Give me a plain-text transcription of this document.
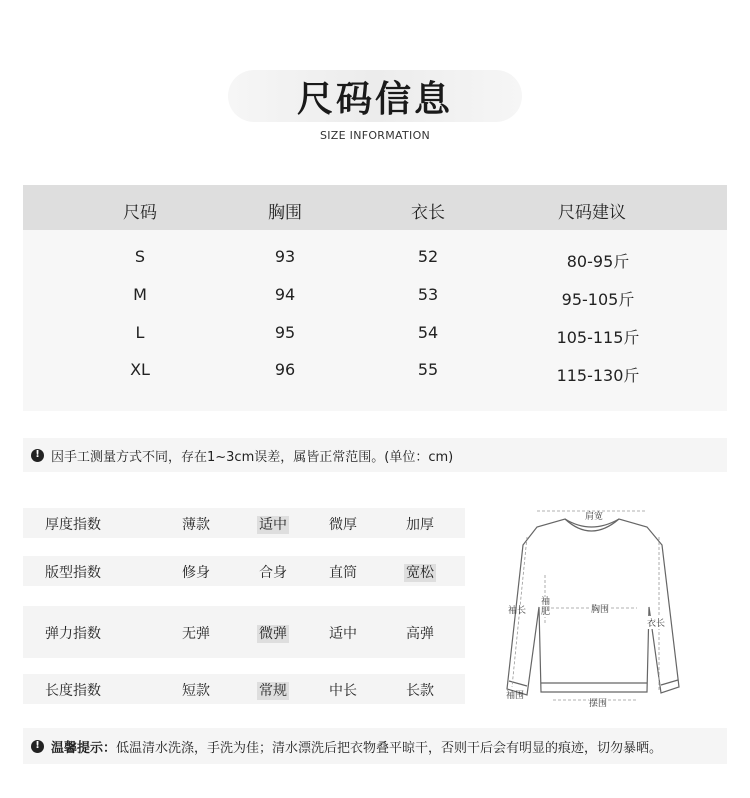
尺码信息
SIZE INFORMATION
尺码	胸围	衣长	尺码建议
S	93	52	80-95斤
M	94	53	95-105斤
L	95	54	105-115斤
XL	96	55	115-130斤
! 因手工测量方式不同，存在1~3cm误差，属皆正常范围。(单位：cm)
厚度指数	薄款	适中	微厚	加厚
版型指数	修身	合身	直筒	宽松
弹力指数	无弹	微弹	适中	高弹
长度指数	短款	常规	中长	长款
肩宽
袖长
袖肥	胸围
衣长
袖围
摆围
! 温馨提示： 低温清水洗涤，手洗为佳；清水漂洗后把衣物叠平晾干，否则干后会有明显的痕迹，切勿暴晒。
